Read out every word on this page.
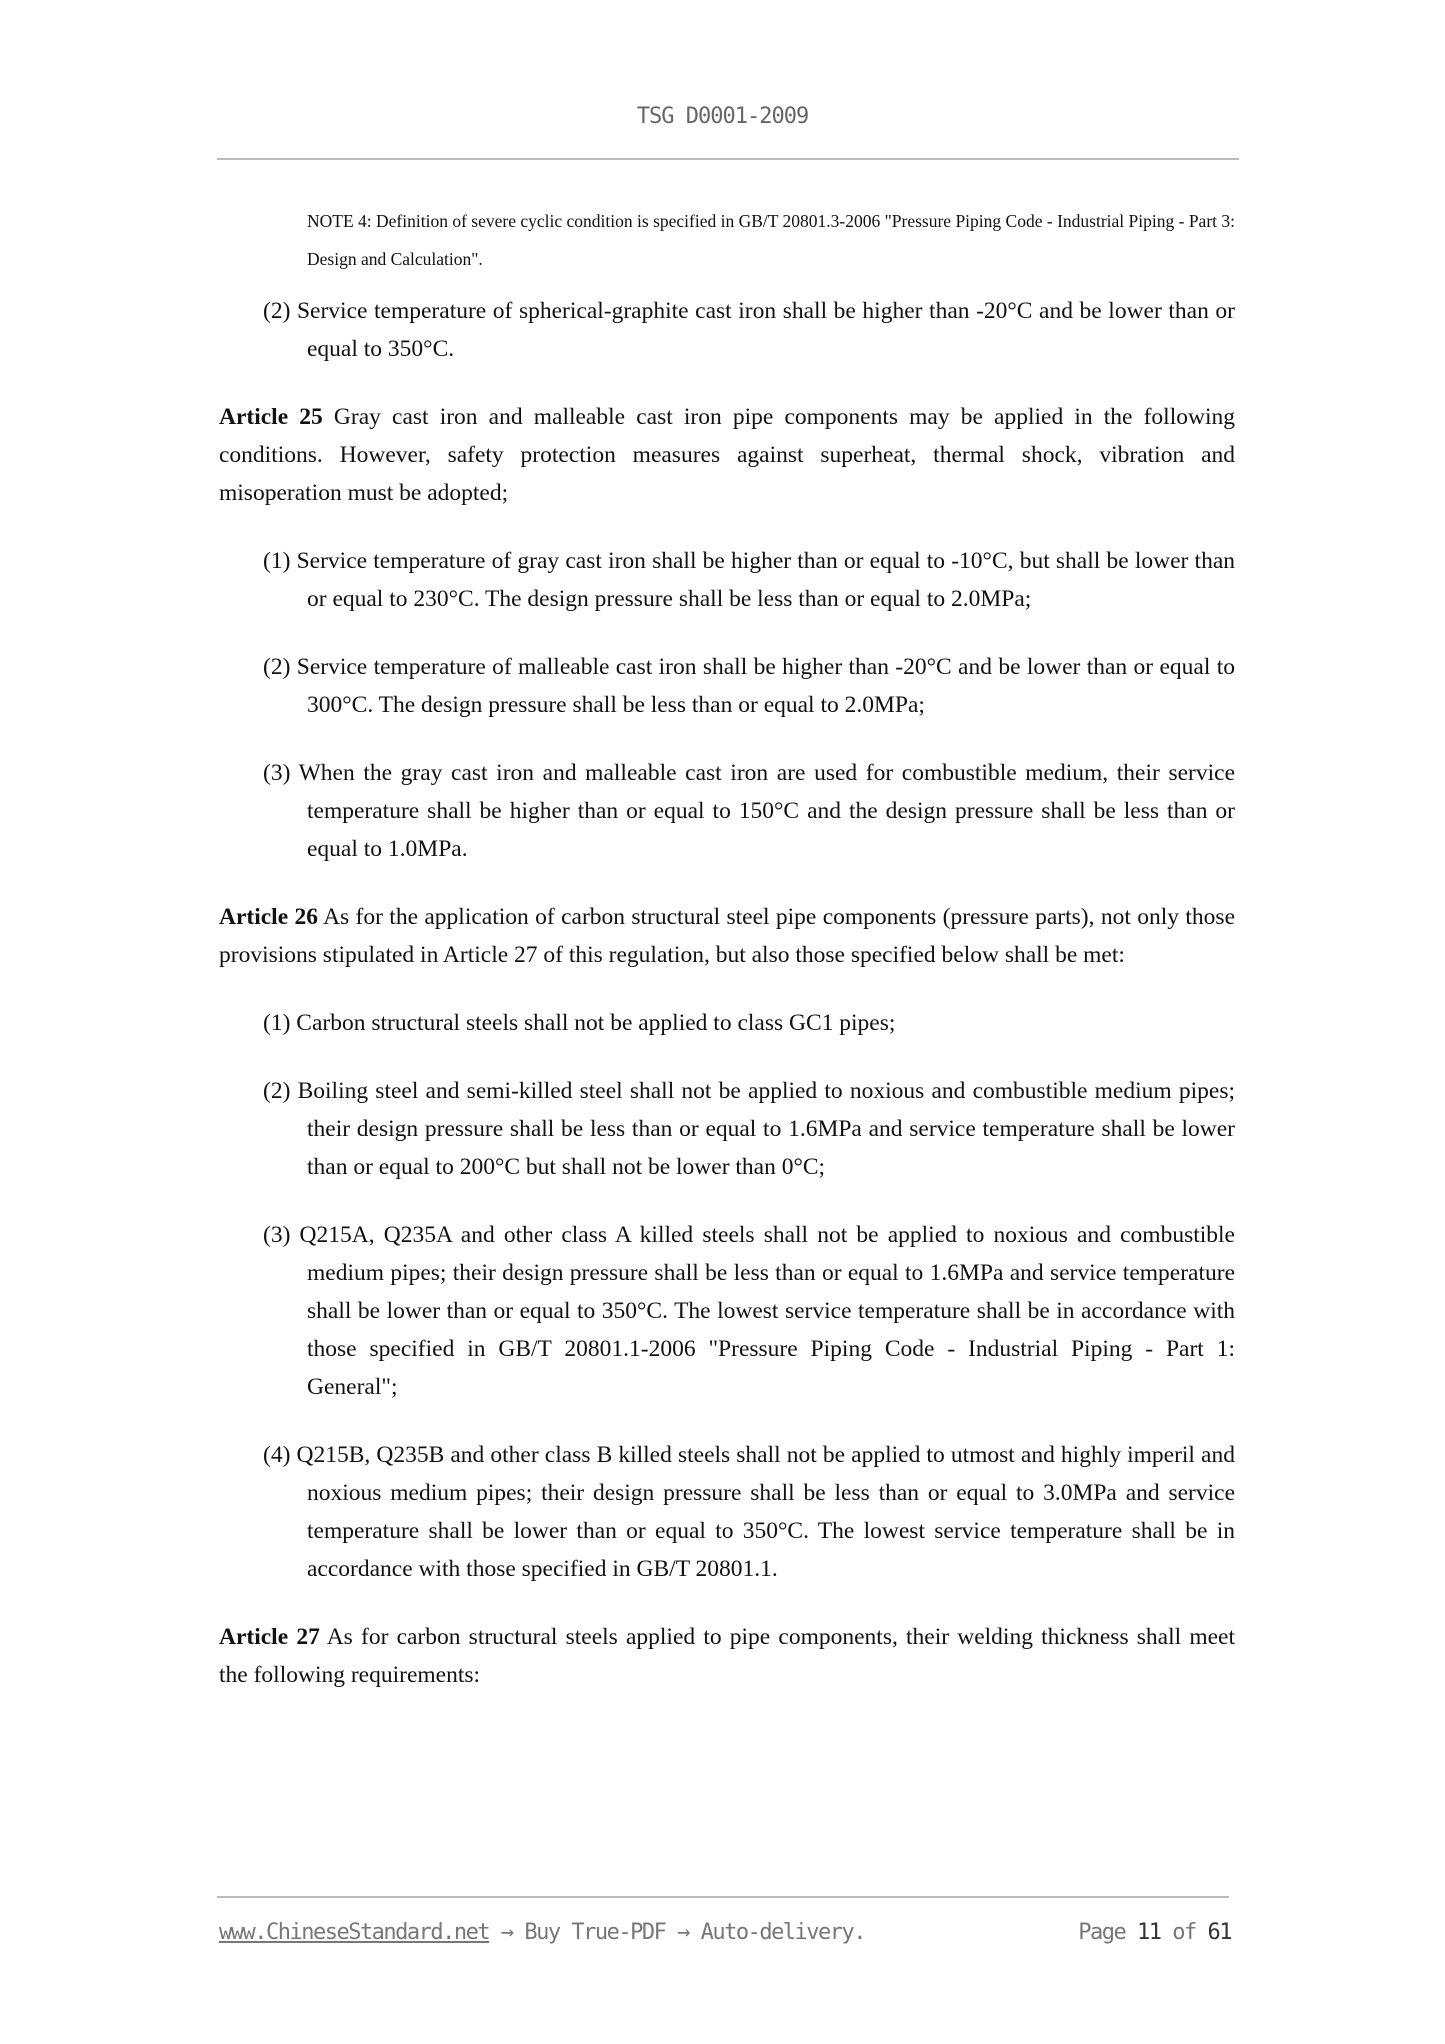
TSG D0001-2009
NOTE 4: Definition of severe cyclic condition is specified in GB/T 20801.3-2006 "Pressure Piping Code - Industrial Piping - Part 3: Design and Calculation".

(2) Service temperature of spherical-graphite cast iron shall be higher than -20°C and be lower than or equal to 350°C.

Article 25 Gray cast iron and malleable cast iron pipe components may be applied in the following conditions. However, safety protection measures against superheat, thermal shock, vibration and misoperation must be adopted;

(1) Service temperature of gray cast iron shall be higher than or equal to -10°C, but shall be lower than or equal to 230°C. The design pressure shall be less than or equal to 2.0MPa;

(2) Service temperature of malleable cast iron shall be higher than -20°C and be lower than or equal to 300°C. The design pressure shall be less than or equal to 2.0MPa;

(3) When the gray cast iron and malleable cast iron are used for combustible medium, their service temperature shall be higher than or equal to 150°C and the design pressure shall be less than or equal to 1.0MPa.

Article 26 As for the application of carbon structural steel pipe components (pressure parts), not only those provisions stipulated in Article 27 of this regulation, but also those specified below shall be met:

(1) Carbon structural steels shall not be applied to class GC1 pipes;

(2) Boiling steel and semi-killed steel shall not be applied to noxious and combustible medium pipes; their design pressure shall be less than or equal to 1.6MPa and service temperature shall be lower than or equal to 200°C but shall not be lower than 0°C;

(3) Q215A, Q235A and other class A killed steels shall not be applied to noxious and combustible medium pipes; their design pressure shall be less than or equal to 1.6MPa and service temperature shall be lower than or equal to 350°C. The lowest service temperature shall be in accordance with those specified in GB/T 20801.1-2006 "Pressure Piping Code - Industrial Piping - Part 1: General";

(4) Q215B, Q235B and other class B killed steels shall not be applied to utmost and highly imperil and noxious medium pipes; their design pressure shall be less than or equal to 3.0MPa and service temperature shall be lower than or equal to 350°C. The lowest service temperature shall be in accordance with those specified in GB/T 20801.1.

Article 27 As for carbon structural steels applied to pipe components, their welding thickness shall meet the following requirements:

www.ChineseStandard.net → Buy True-PDF → Auto-delivery.	Page 11 of 61
